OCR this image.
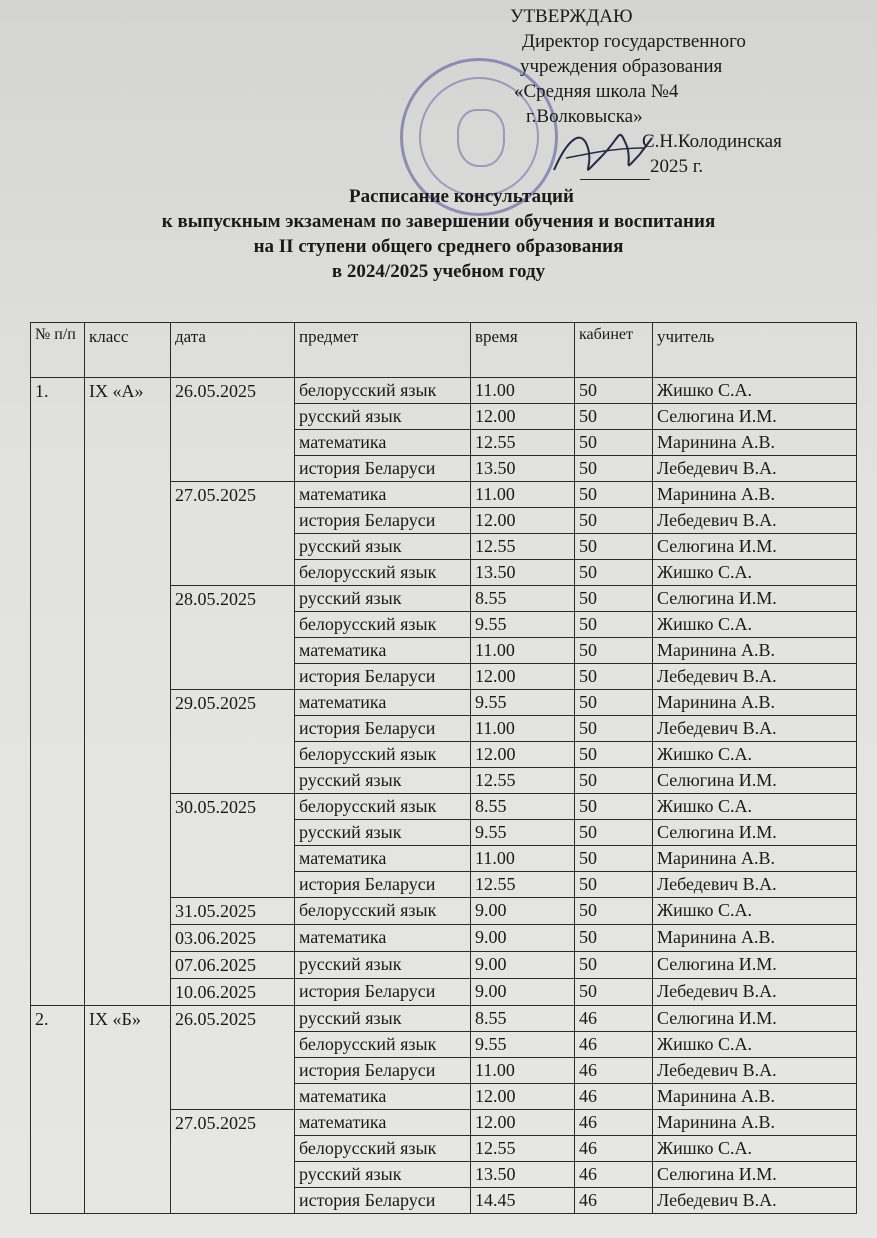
УТВЕРЖДАЮ
Директор государственного
учреждения образования
«Средняя школа №4
г.Волковыска»
С.Н.Колодинская
2025 г.
Расписание консультаций
к выпускным экзаменам по завершении обучения и воспитания
на II ступени общего среднего образования
в 2024/2025 учебном году
№ п/п	класс	дата	предмет	время	кабинет	учитель
1.	IX «А»	26.05.2025	белорусский язык	11.00	50	Жишко С.А.
			русский язык	12.00	50	Селюгина И.М.
			математика	12.55	50	Маринина А.В.
			история Беларуси	13.50	50	Лебедевич В.А.
		27.05.2025	математика	11.00	50	Маринина А.В.
			история Беларуси	12.00	50	Лебедевич В.А.
			русский язык	12.55	50	Селюгина И.М.
			белорусский язык	13.50	50	Жишко С.А.
		28.05.2025	русский язык	8.55	50	Селюгина И.М.
			белорусский язык	9.55	50	Жишко С.А.
			математика	11.00	50	Маринина А.В.
			история Беларуси	12.00	50	Лебедевич В.А.
		29.05.2025	математика	9.55	50	Маринина А.В.
			история Беларуси	11.00	50	Лебедевич В.А.
			белорусский язык	12.00	50	Жишко С.А.
			русский язык	12.55	50	Селюгина И.М.
		30.05.2025	белорусский язык	8.55	50	Жишко С.А.
			русский язык	9.55	50	Селюгина И.М.
			математика	11.00	50	Маринина А.В.
			история Беларуси	12.55	50	Лебедевич В.А.
		31.05.2025	белорусский язык	9.00	50	Жишко С.А.
		03.06.2025	математика	9.00	50	Маринина А.В.
		07.06.2025	русский язык	9.00	50	Селюгина И.М.
		10.06.2025	история Беларуси	9.00	50	Лебедевич В.А.
2.	IX «Б»	26.05.2025	русский язык	8.55	46	Селюгина И.М.
			белорусский язык	9.55	46	Жишко С.А.
			история Беларуси	11.00	46	Лебедевич В.А.
			математика	12.00	46	Маринина А.В.
		27.05.2025	математика	12.00	46	Маринина А.В.
			белорусский язык	12.55	46	Жишко С.А.
			русский язык	13.50	46	Селюгина И.М.
			история Беларуси	14.45	46	Лебедевич В.А.
